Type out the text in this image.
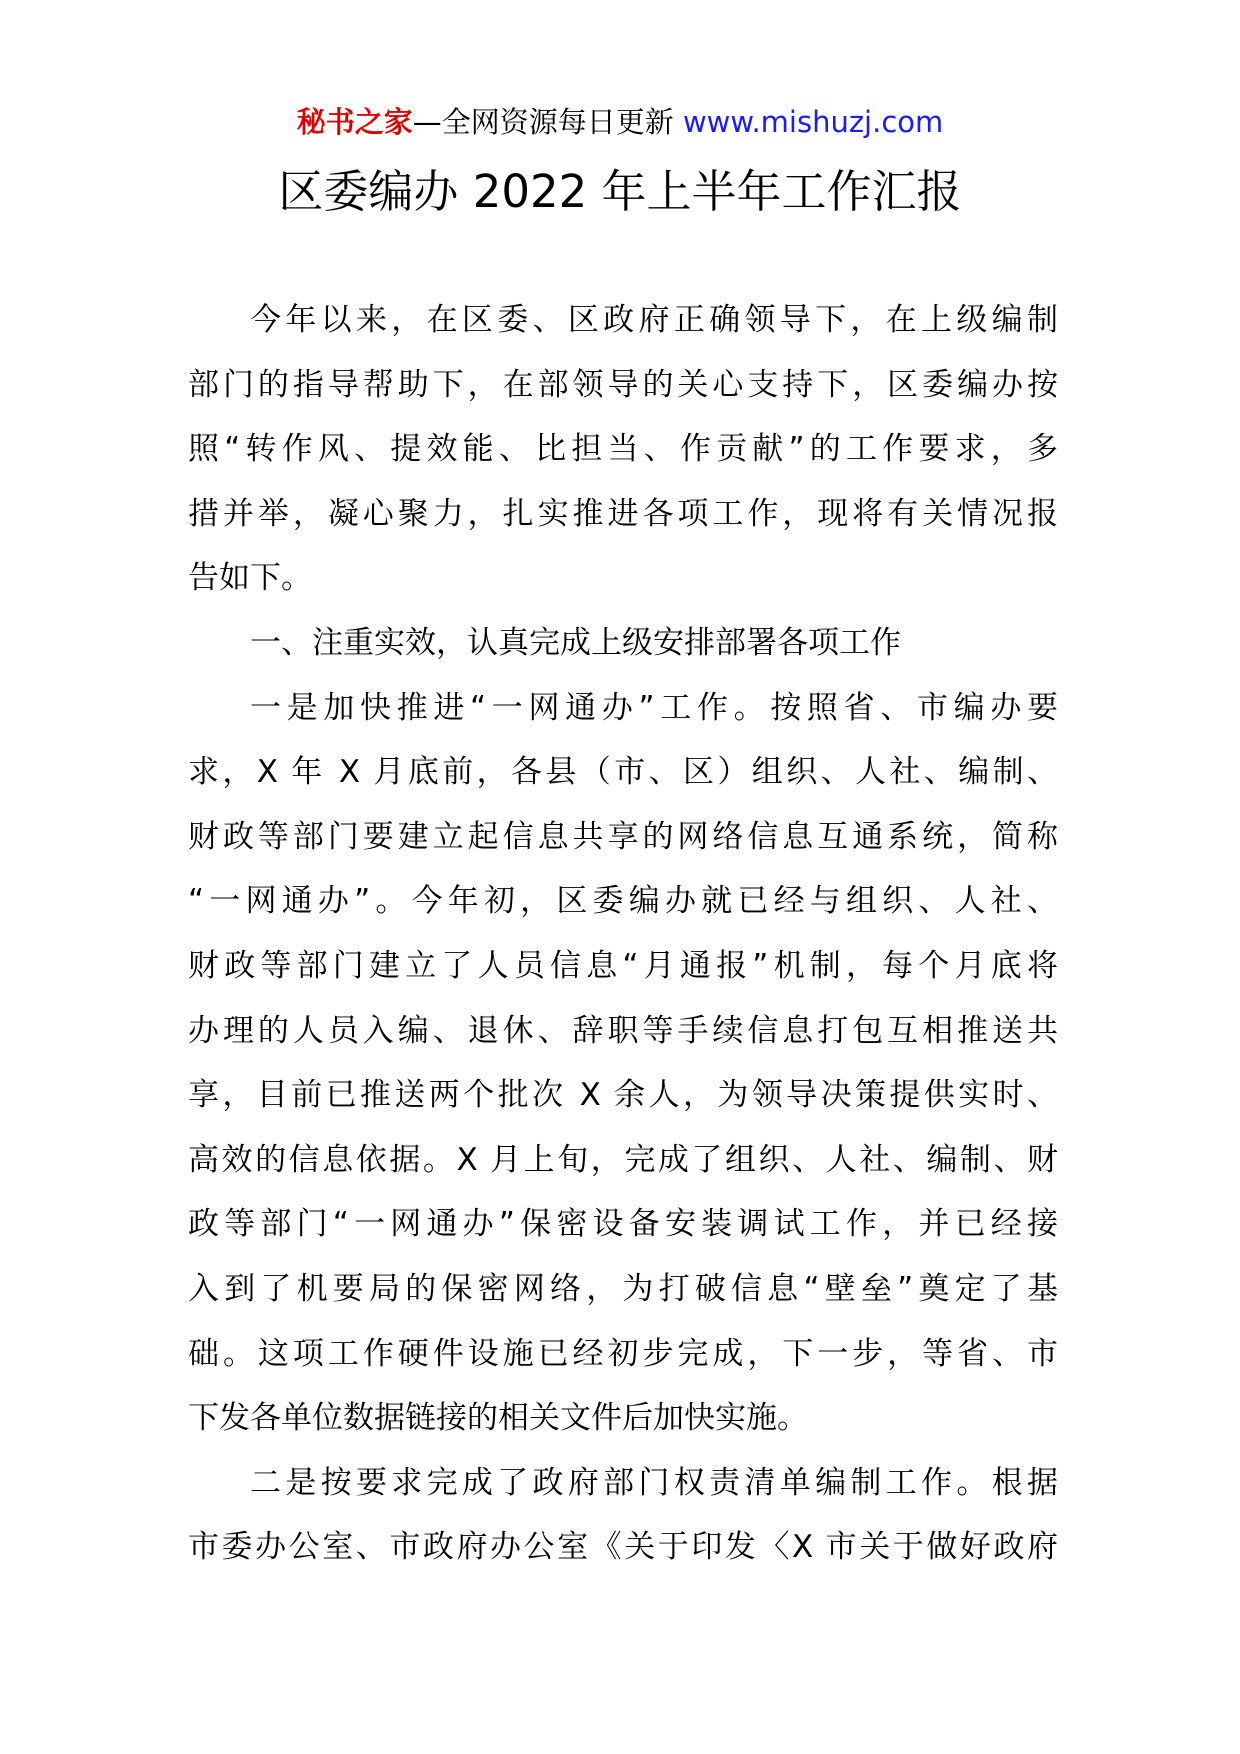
秘书之家—全网资源每日更新 www.mishuzj.com
区委编办 2022 年上半年工作汇报
今年以来，在区委、区政府正确领导下，在上级编制
部门的指导帮助下，在部领导的关心支持下，区委编办按
照“转作风、提效能、比担当、作贡献”的工作要求，多
措并举，凝心聚力，扎实推进各项工作，现将有关情况报
告如下。
一、注重实效，认真完成上级安排部署各项工作
一是加快推进“一网通办”工作。按照省、市编办要
求，X 年 X 月底前，各县（市、区）组织、人社、编制、
财政等部门要建立起信息共享的网络信息互通系统，简称
“一网通办”。今年初，区委编办就已经与组织、人社、
财政等部门建立了人员信息“月通报”机制，每个月底将
办理的人员入编、退休、辞职等手续信息打包互相推送共
享，目前已推送两个批次 X 余人，为领导决策提供实时、
高效的信息依据。X 月上旬，完成了组织、人社、编制、财
政等部门“一网通办”保密设备安装调试工作，并已经接
入到了机要局的保密网络，为打破信息“壁垒”奠定了基
础。这项工作硬件设施已经初步完成，下一步，等省、市
下发各单位数据链接的相关文件后加快实施。
二是按要求完成了政府部门权责清单编制工作。根据
市委办公室、市政府办公室《关于印发〈X 市关于做好政府
